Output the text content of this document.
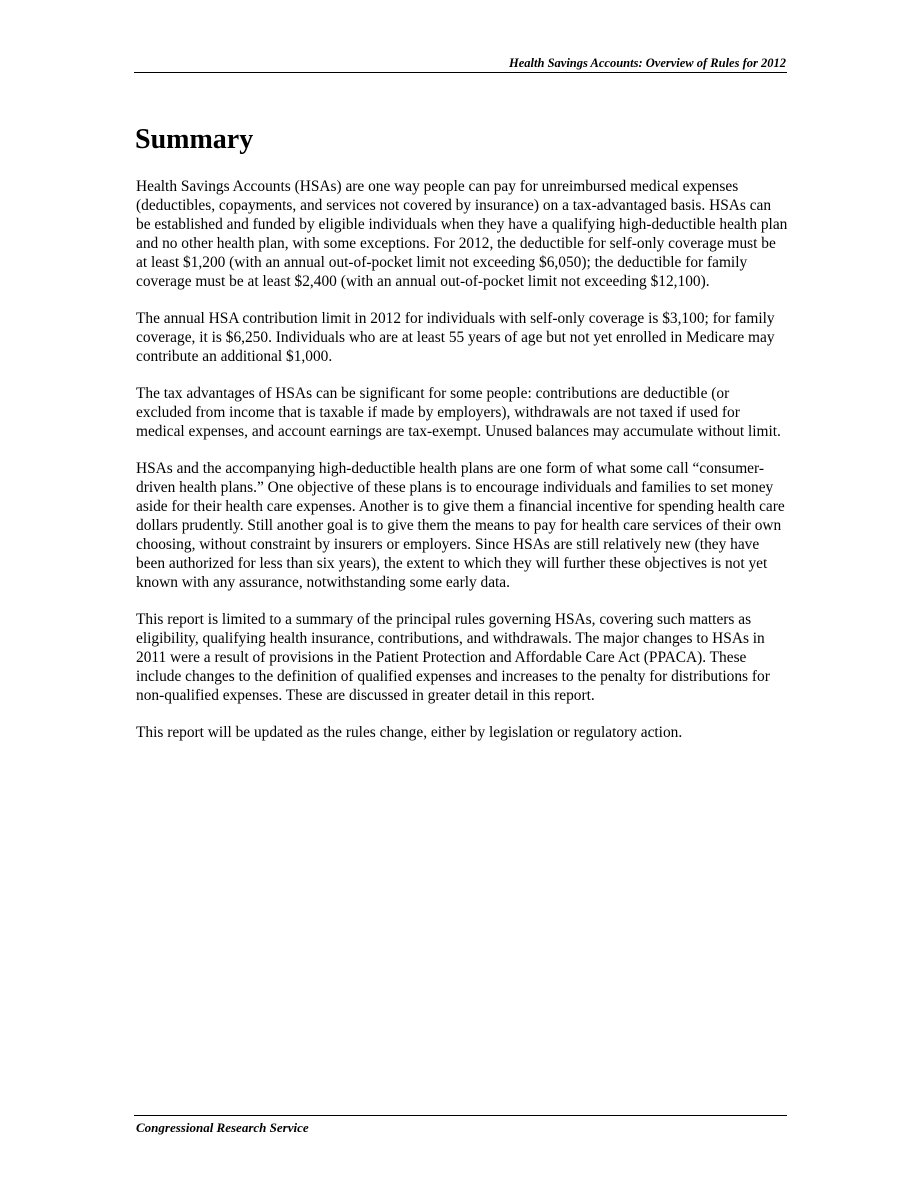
Health Savings Accounts: Overview of Rules for 2012
Summary

Health Savings Accounts (HSAs) are one way people can pay for unreimbursed medical expenses (deductibles, copayments, and services not covered by insurance) on a tax-advantaged basis. HSAs can be established and funded by eligible individuals when they have a qualifying high-deductible health plan and no other health plan, with some exceptions. For 2012, the deductible for self-only coverage must be at least $1,200 (with an annual out-of-pocket limit not exceeding $6,050); the deductible for family coverage must be at least $2,400 (with an annual out-of-pocket limit not exceeding $12,100).

The annual HSA contribution limit in 2012 for individuals with self-only coverage is $3,100; for family coverage, it is $6,250. Individuals who are at least 55 years of age but not yet enrolled in Medicare may contribute an additional $1,000.

The tax advantages of HSAs can be significant for some people: contributions are deductible (or excluded from income that is taxable if made by employers), withdrawals are not taxed if used for medical expenses, and account earnings are tax-exempt. Unused balances may accumulate without limit.

HSAs and the accompanying high-deductible health plans are one form of what some call “consumer-driven health plans.” One objective of these plans is to encourage individuals and families to set money aside for their health care expenses. Another is to give them a financial incentive for spending health care dollars prudently. Still another goal is to give them the means to pay for health care services of their own choosing, without constraint by insurers or employers. Since HSAs are still relatively new (they have been authorized for less than six years), the extent to which they will further these objectives is not yet known with any assurance, notwithstanding some early data.

This report is limited to a summary of the principal rules governing HSAs, covering such matters as eligibility, qualifying health insurance, contributions, and withdrawals. The major changes to HSAs in 2011 were a result of provisions in the Patient Protection and Affordable Care Act (PPACA). These include changes to the definition of qualified expenses and increases to the penalty for distributions for non-qualified expenses. These are discussed in greater detail in this report.

This report will be updated as the rules change, either by legislation or regulatory action.

Congressional Research Service
